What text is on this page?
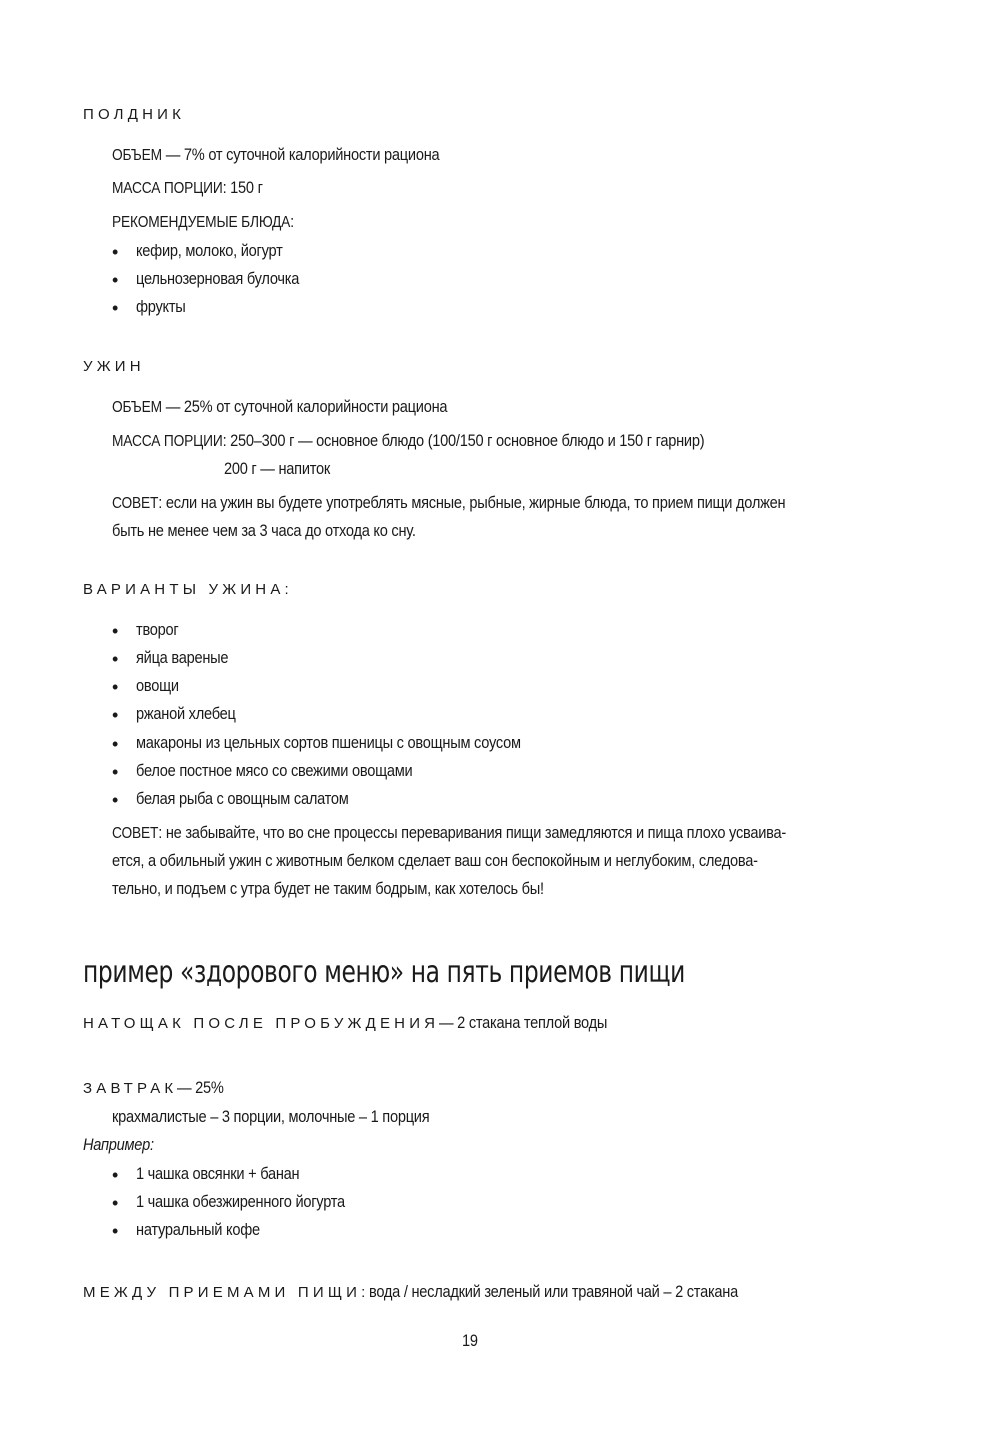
ПОЛДНИК
ОБЪЕМ — 7% от суточной калорийности рациона
МАССА ПОРЦИИ: 150 г
РЕКОМЕНДУЕМЫЕ БЛЮДА:
• кефир, молоко, йогурт
• цельнозерновая булочка
• фрукты
УЖИН
ОБЪЕМ — 25% от суточной калорийности рациона
МАССА ПОРЦИИ: 250–300 г — основное блюдо (100/150 г основное блюдо и 150 г гарнир)
200 г — напиток
СОВЕТ: если на ужин вы будете употреблять мясные, рыбные, жирные блюда, то прием пищи должен
быть не менее чем за 3 часа до отхода ко сну.
ВАРИАНТЫ УЖИНА:
• творог
• яйца вареные
• овощи
• ржаной хлебец
• макароны из цельных сортов пшеницы с овощным соусом
• белое постное мясо со свежими овощами
• белая рыба с овощным салатом
СОВЕТ: не забывайте, что во сне процессы переваривания пищи замедляются и пища плохо усваива-
ется, а обильный ужин с животным белком сделает ваш сон беспокойным и неглубоким, следова-
тельно, и подъем с утра будет не таким бодрым, как хотелось бы!
пример «здорового меню» на пять приемов пищи
НАТОЩАК ПОСЛЕ ПРОБУЖДЕНИЯ— 2 стакана теплой воды
ЗАВТРАК— 25%
крахмалистые – 3 порции, молочные – 1 порция
Например:
• 1 чашка овсянки + банан
• 1 чашка обезжиренного йогурта
• натуральный кофе
МЕЖДУ ПРИЕМАМИ ПИЩИ:вода / несладкий зеленый или травяной чай – 2 стакана
19
